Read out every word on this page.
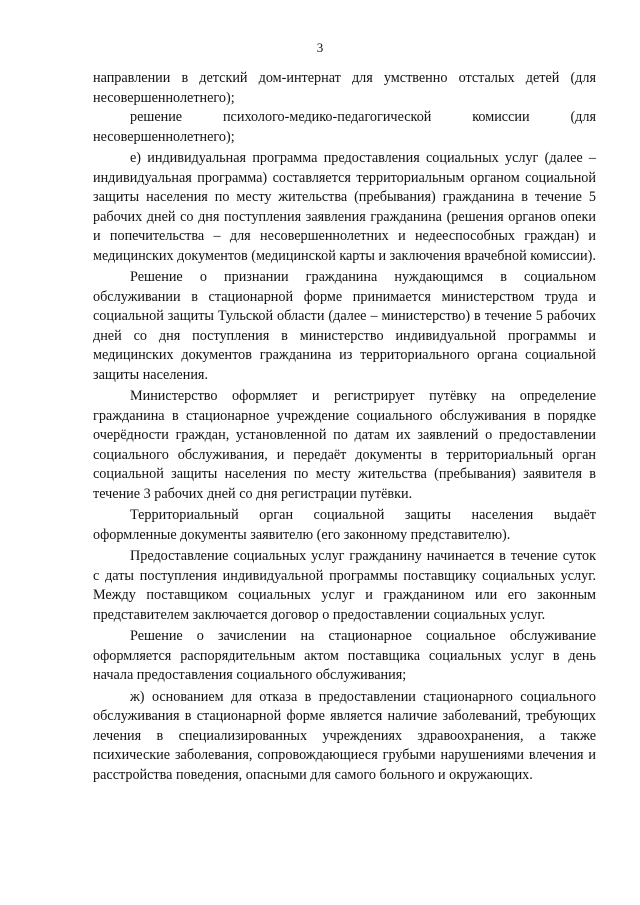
3

направлении в детский дом-интернат для умственно отсталых детей (для несовершеннолетнего);

решение психолого-медико-педагогической комиссии (для несовершеннолетнего);

е) индивидуальная программа предоставления социальных услуг (далее – индивидуальная программа) составляется территориальным органом социальной защиты населения по месту жительства (пребывания) гражданина в течение 5 рабочих дней со дня поступления заявления гражданина (решения органов опеки и попечительства – для несовершеннолетних и недееспособных граждан) и медицинских документов (медицинской карты и заключения врачебной комиссии).

Решение о признании гражданина нуждающимся в социальном обслуживании в стационарной форме принимается министерством труда и социальной защиты Тульской области (далее – министерство) в течение 5 рабочих дней со дня поступления в министерство индивидуальной программы и медицинских документов гражданина из территориального органа социальной защиты населения.

Министерство оформляет и регистрирует путёвку на определение гражданина в стационарное учреждение социального обслуживания в порядке очерёдности граждан, установленной по датам их заявлений о предоставлении социального обслуживания, и передаёт документы в территориальный орган социальной защиты населения по месту жительства (пребывания) заявителя в течение 3 рабочих дней со дня регистрации путёвки.

Территориальный орган социальной защиты населения выдаёт оформленные документы заявителю (его законному представителю).

Предоставление социальных услуг гражданину начинается в течение суток с даты поступления индивидуальной программы поставщику социальных услуг. Между поставщиком социальных услуг и гражданином или его законным представителем заключается договор о предоставлении социальных услуг.

Решение о зачислении на стационарное социальное обслуживание оформляется распорядительным актом поставщика социальных услуг в день начала предоставления социального обслуживания;

ж) основанием для отказа в предоставлении стационарного социального обслуживания в стационарной форме является наличие заболеваний, требующих лечения в специализированных учреждениях здравоохранения, а также психические заболевания, сопровождающиеся грубыми нарушениями влечения и расстройства поведения, опасными для самого больного и окружающих.
